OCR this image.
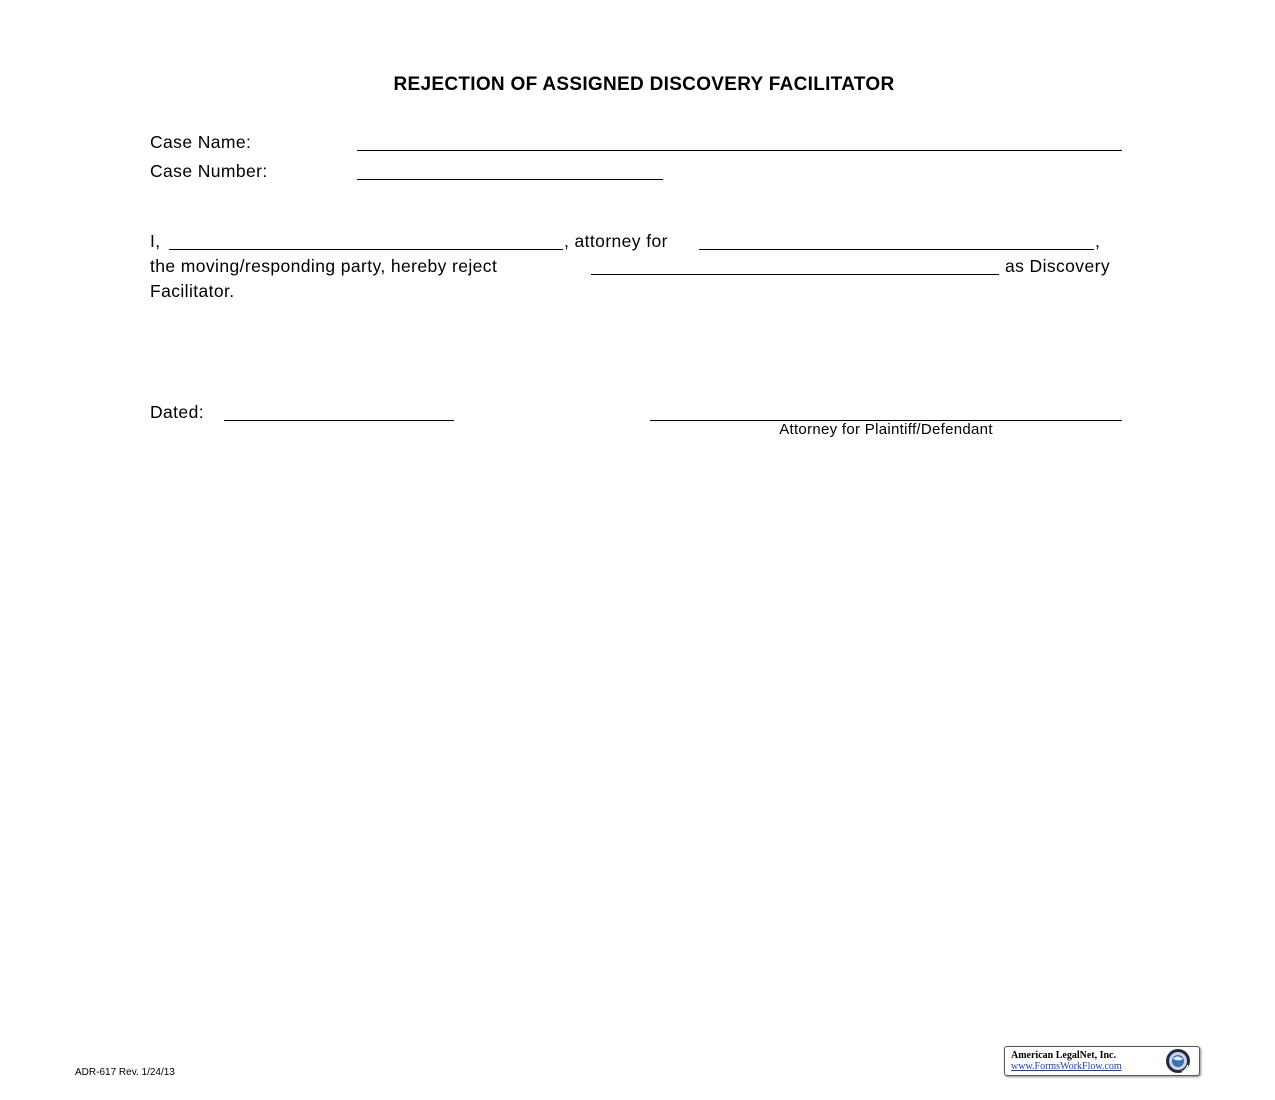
REJECTION OF ASSIGNED DISCOVERY FACILITATOR
Case Name:
Case Number:
I,	, attorney for	,
the moving/responding party, hereby reject	as Discovery
Facilitator.
Dated:
Attorney for Plaintiff/Defendant
ADR-617 Rev. 1/24/13
American LegalNet, Inc.
www.FormsWorkFlow.com
